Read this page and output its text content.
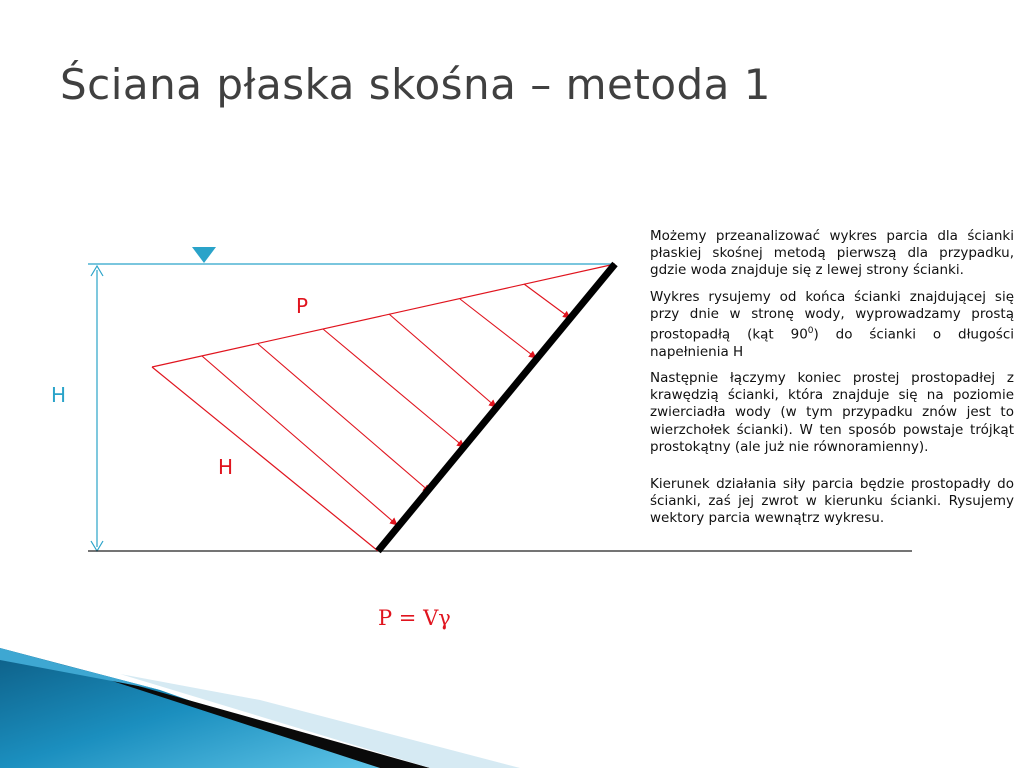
Ściana płaska skośna – metoda 1
P
H
H
P = Vγ

Możemy przeanalizować wykres parcia dla ścianki płaskiej skośnej metodą pierwszą dla przypadku, gdzie woda znajduje się z lewej strony ścianki.

Wykres rysujemy od końca ścianki znajdującej się przy dnie w stronę wody, wyprowadzamy prostą prostopadłą (kąt $90^0$) do ścianki o długości napełnienia H

Następnie łączymy koniec prostej prostopadłej z krawędzią ścianki, która znajduje się na poziomie zwierciadła wody (w tym przypadku znów jest to wierzchołek ścianki). W ten sposób powstaje trójkąt prostokątny (ale już nie równoramienny).

Kierunek działania siły parcia będzie prostopadły do ścianki, zaś jej zwrot w kierunku ścianki. Rysujemy wektory parcia wewnątrz wykresu.
